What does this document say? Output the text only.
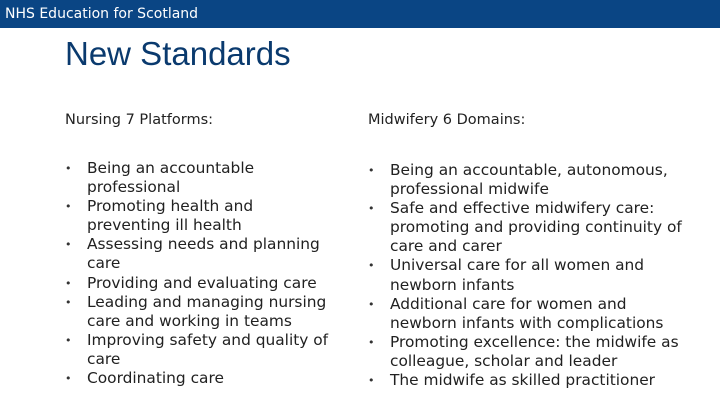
NHS Education for Scotland
New Standards

Nursing 7 Platforms:

• Being an accountable professional
• Promoting health and preventing ill health
• Assessing needs and planning care
• Providing and evaluating care
• Leading and managing nursing care and working in teams
• Improving safety and quality of care
• Coordinating care

Midwifery 6 Domains:

• Being an accountable, autonomous, professional midwife
• Safe and effective midwifery care: promoting and providing continuity of care and carer
• Universal care for all women and newborn infants
• Additional care for women and newborn infants with complications
• Promoting excellence: the midwife as colleague, scholar and leader
• The midwife as skilled practitioner
